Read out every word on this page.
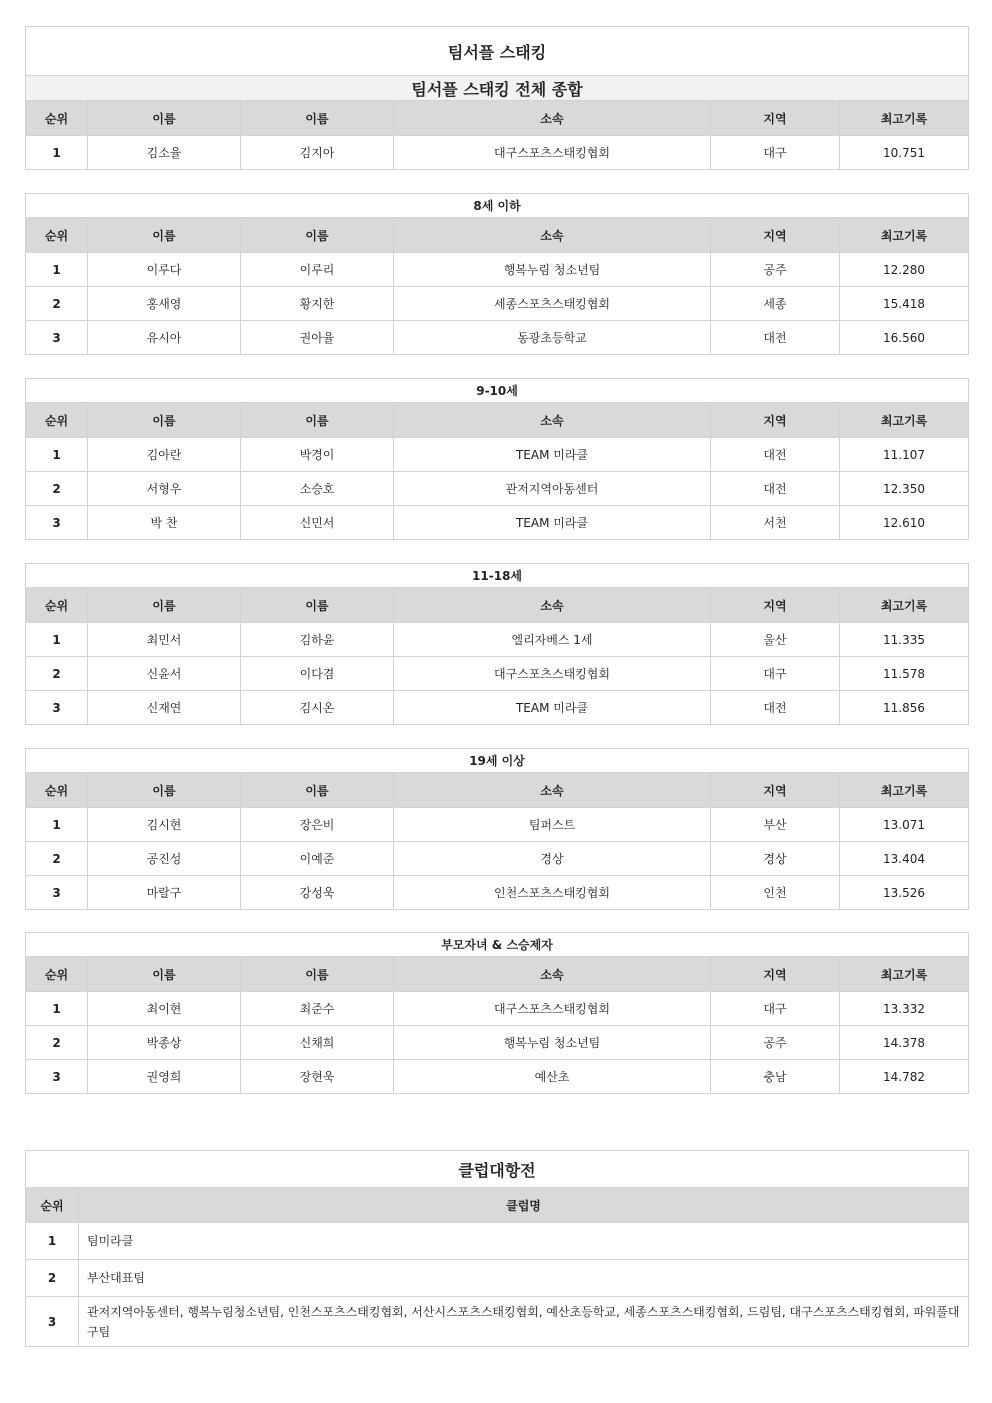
팀서플 스태킹					
팀서플 스태킹 전체 종합					
순위	이름	이름	소속	지역	최고기록
1	김소율	김지아	대구스포츠스태킹협회	대구	10.751
8세 이하					
순위	이름	이름	소속	지역	최고기록
1	이루다	이루리	행복누림 청소년팀	공주	12.280
2	홍새영	황지한	세종스포츠스태킹협회	세종	15.418
3	유시아	권아율	동광초등학교	대전	16.560
9-10세					
순위	이름	이름	소속	지역	최고기록
1	김아란	박경이	TEAM 미라클	대전	11.107
2	서형우	소승호	관저지역아동센터	대전	12.350
3	박 찬	신민서	TEAM 미라클	서천	12.610
11-18세					
순위	이름	이름	소속	지역	최고기록
1	최민서	김하윤	엘리자베스 1세	울산	11.335
2	신윤서	이다겸	대구스포츠스태킹협회	대구	11.578
3	신재연	김시온	TEAM 미라클	대전	11.856
19세 이상					
순위	이름	이름	소속	지역	최고기록
1	김시현	장은비	팀퍼스트	부산	13.071
2	공진성	이예준	경상	경상	13.404
3	마랄구	강성욱	인천스포츠스태킹협회	인천	13.526
부모자녀 & 스승제자					
순위	이름	이름	소속	지역	최고기록
1	최이현	최준수	대구스포츠스태킹협회	대구	13.332
2	박종상	신채희	행복누림 청소년팀	공주	14.378
3	권영희	장현욱	예산초	충남	14.782
클럽대항전	
순위	클럽명
1	팀미라클
2	부산대표팀
3	관저지역아동센터, 행복누림청소년팀, 인천스포츠스태킹협회, 서산시스포츠스태킹협회, 예산초등학교, 세종스포츠스태킹협회, 드림팀, 대구스포츠스태킹협회, 파워풀대구팀
